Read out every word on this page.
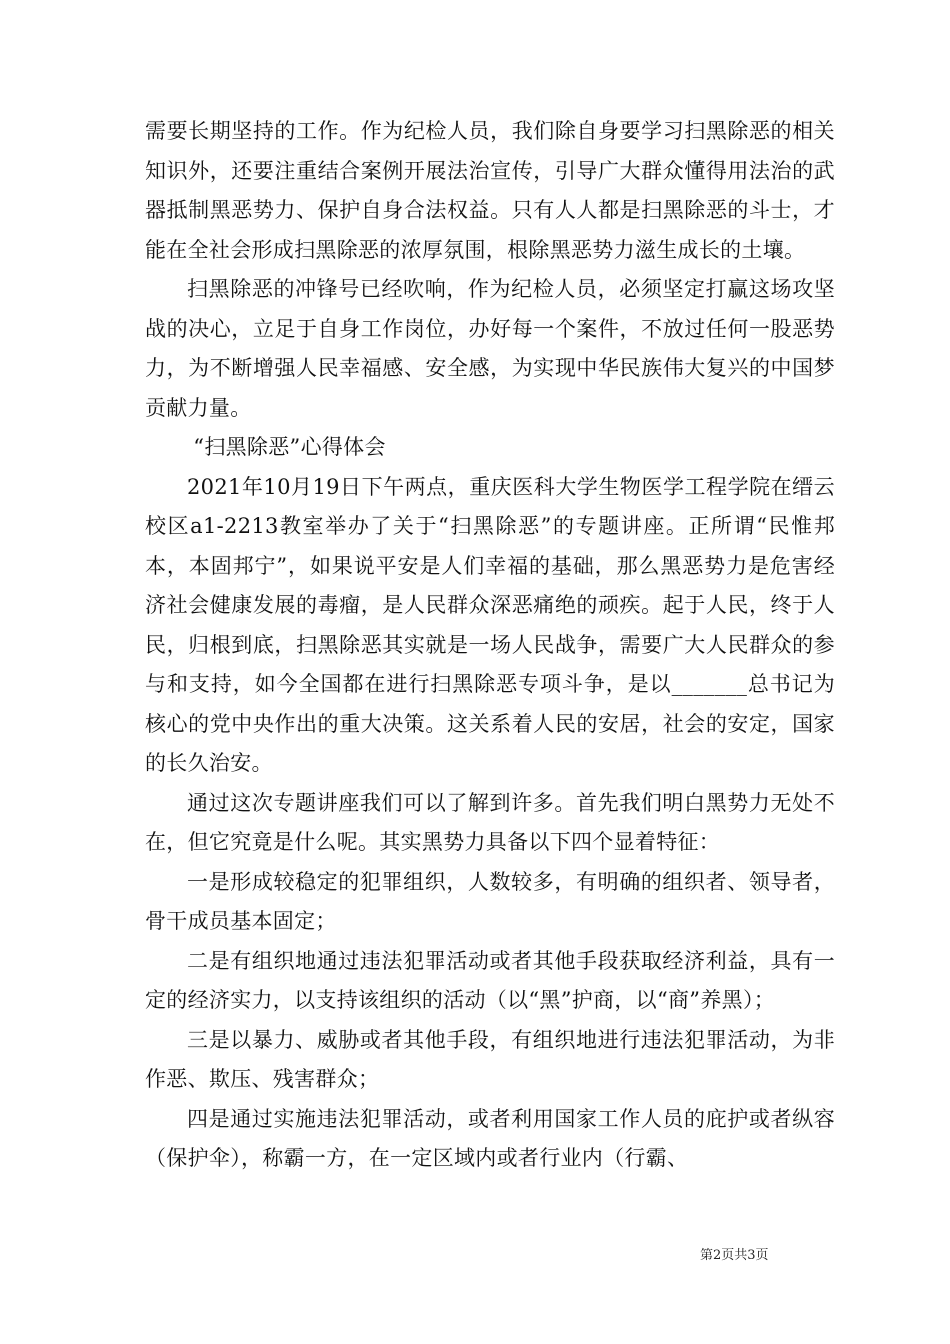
需要长期坚持的工作。作为纪检人员，我们除自身要学习扫黑除恶的相关知识外，还要注重结合案例开展法治宣传，引导广大群众懂得用法治的武器抵制黑恶势力、保护自身合法权益。只有人人都是扫黑除恶的斗士，才能在全社会形成扫黑除恶的浓厚氛围，根除黑恶势力滋生成长的土壤。

扫黑除恶的冲锋号已经吹响，作为纪检人员，必须坚定打赢这场攻坚战的决心，立足于自身工作岗位，办好每一个案件，不放过任何一股恶势力，为不断增强人民幸福感、安全感，为实现中华民族伟大复兴的中国梦贡献力量。

“扫黑除恶”心得体会

2021年10月19日下午两点，重庆医科大学生物医学工程学院在缙云校区a1-2213教室举办了关于“扫黑除恶”的专题讲座。正所谓“民惟邦本，本固邦宁”，如果说平安是人们幸福的基础，那么黑恶势力是危害经济社会健康发展的毒瘤，是人民群众深恶痛绝的顽疾。起于人民，终于人民，归根到底，扫黑除恶其实就是一场人民战争，需要广大人民群众的参与和支持，如今全国都在进行扫黑除恶专项斗争，是以_______总书记为核心的党中央作出的重大决策。这关系着人民的安居，社会的安定，国家的长久治安。

通过这次专题讲座我们可以了解到许多。首先我们明白黑势力无处不在，但它究竟是什么呢。其实黑势力具备以下四个显着特征：

一是形成较稳定的犯罪组织，人数较多，有明确的组织者、领导者，骨干成员基本固定；

二是有组织地通过违法犯罪活动或者其他手段获取经济利益，具有一定的经济实力，以支持该组织的活动（以“黑”护商，以“商”养黑）；

三是以暴力、威胁或者其他手段，有组织地进行违法犯罪活动，为非作恶、欺压、残害群众；

四是通过实施违法犯罪活动，或者利用国家工作人员的庇护或者纵容（保护伞），称霸一方，在一定区域内或者行业内（行霸、

第2页共3页
